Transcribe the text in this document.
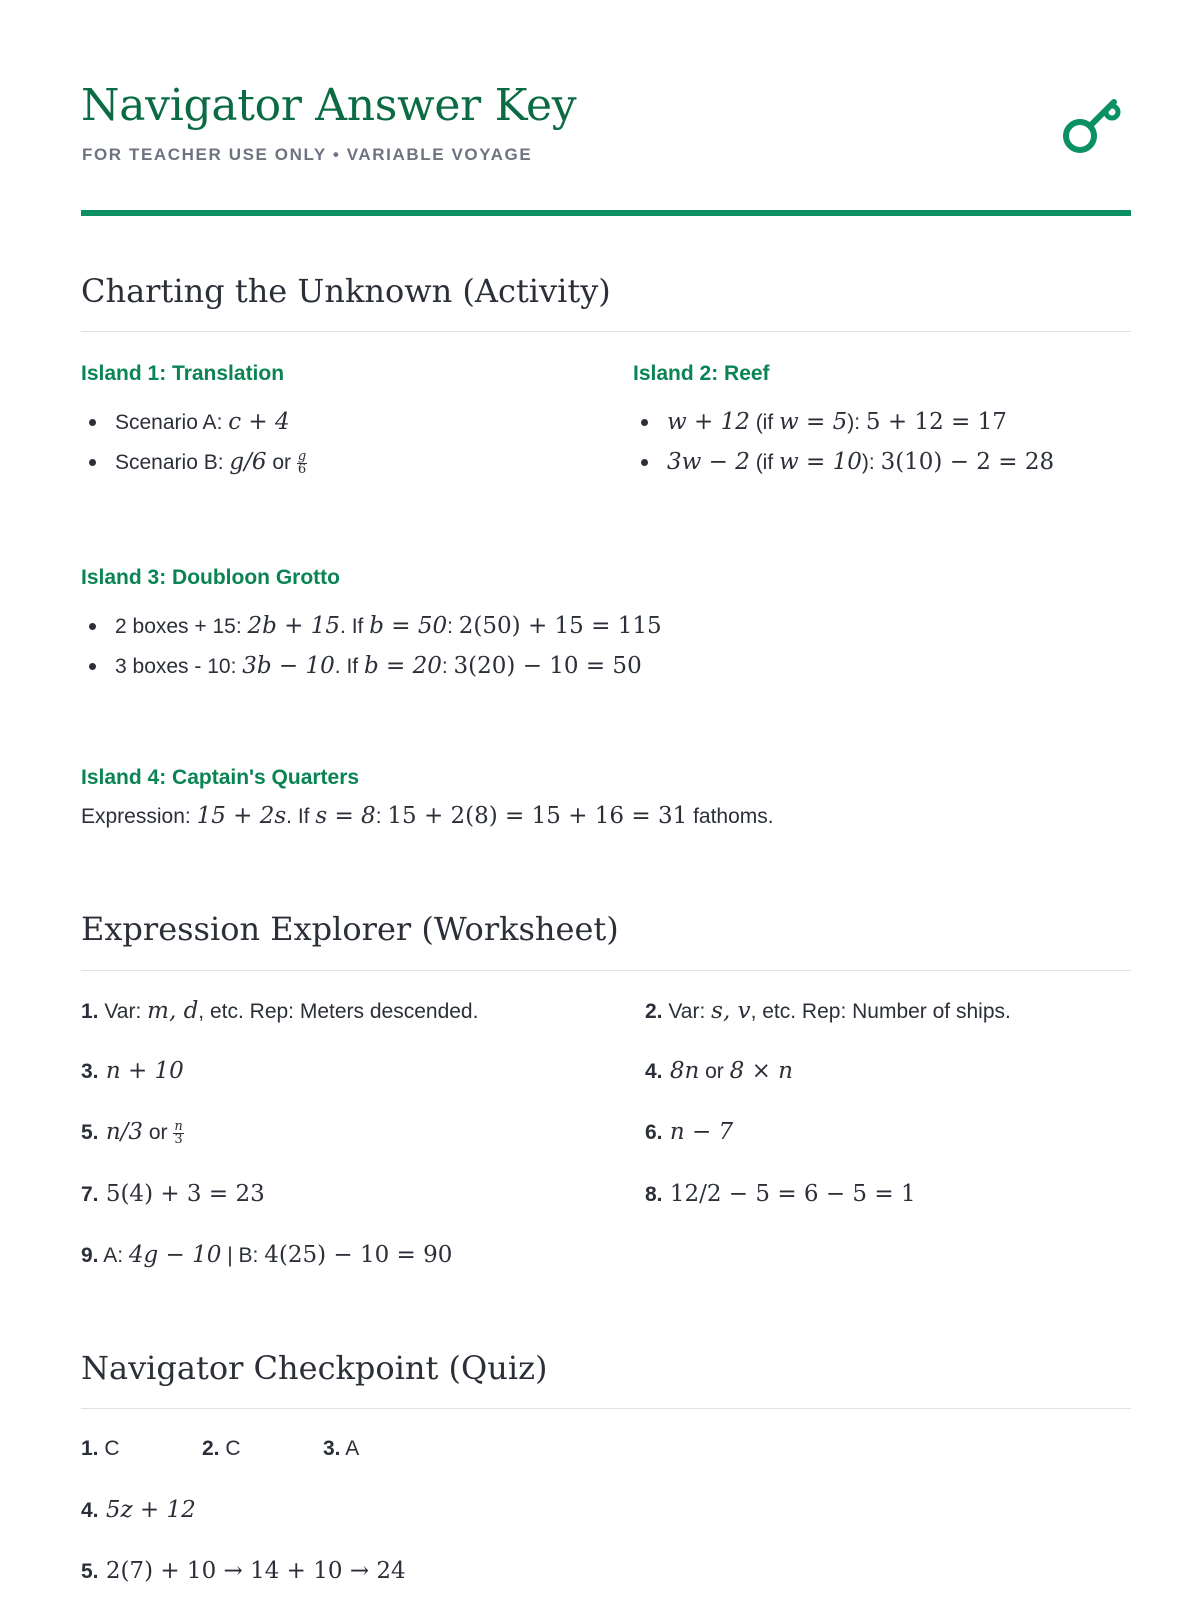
Navigator Answer Key
FOR TEACHER USE ONLY • VARIABLE VOYAGE
Charting the Unknown (Activity)
Island 1: Translation
Scenario A: c + 4
Scenario B: g/6 or $\frac{g}{6}$
Island 2: Reef
w + 12 (if w = 5): 5 + 12 = 17
3w − 2 (if w = 10): 3(10) − 2 = 28
Island 3: Doubloon Grotto
2 boxes + 15: 2b + 15. If b = 50: 2(50) + 15 = 115
3 boxes - 10: 3b − 10. If b = 20: 3(20) − 10 = 50
Island 4: Captain's Quarters
Expression: 15 + 2s. If s = 8: 15 + 2(8) = 15 + 16 = 31 fathoms.
Expression Explorer (Worksheet)
1. Var: m, d, etc. Rep: Meters descended.	2. Var: s, v, etc. Rep: Number of ships.
3. n + 10	4. 8n or 8 × n
5. n/3 or $\frac{n}{3}$	6. n − 7
7. 5(4) + 3 = 23	8. 12/2 − 5 = 6 − 5 = 1
9. A: 4g − 10 | B: 4(25) − 10 = 90
Navigator Checkpoint (Quiz)
1. C	2. C	3. A
4. 5z + 12
5. 2(7) + 10 → 14 + 10 → 24
